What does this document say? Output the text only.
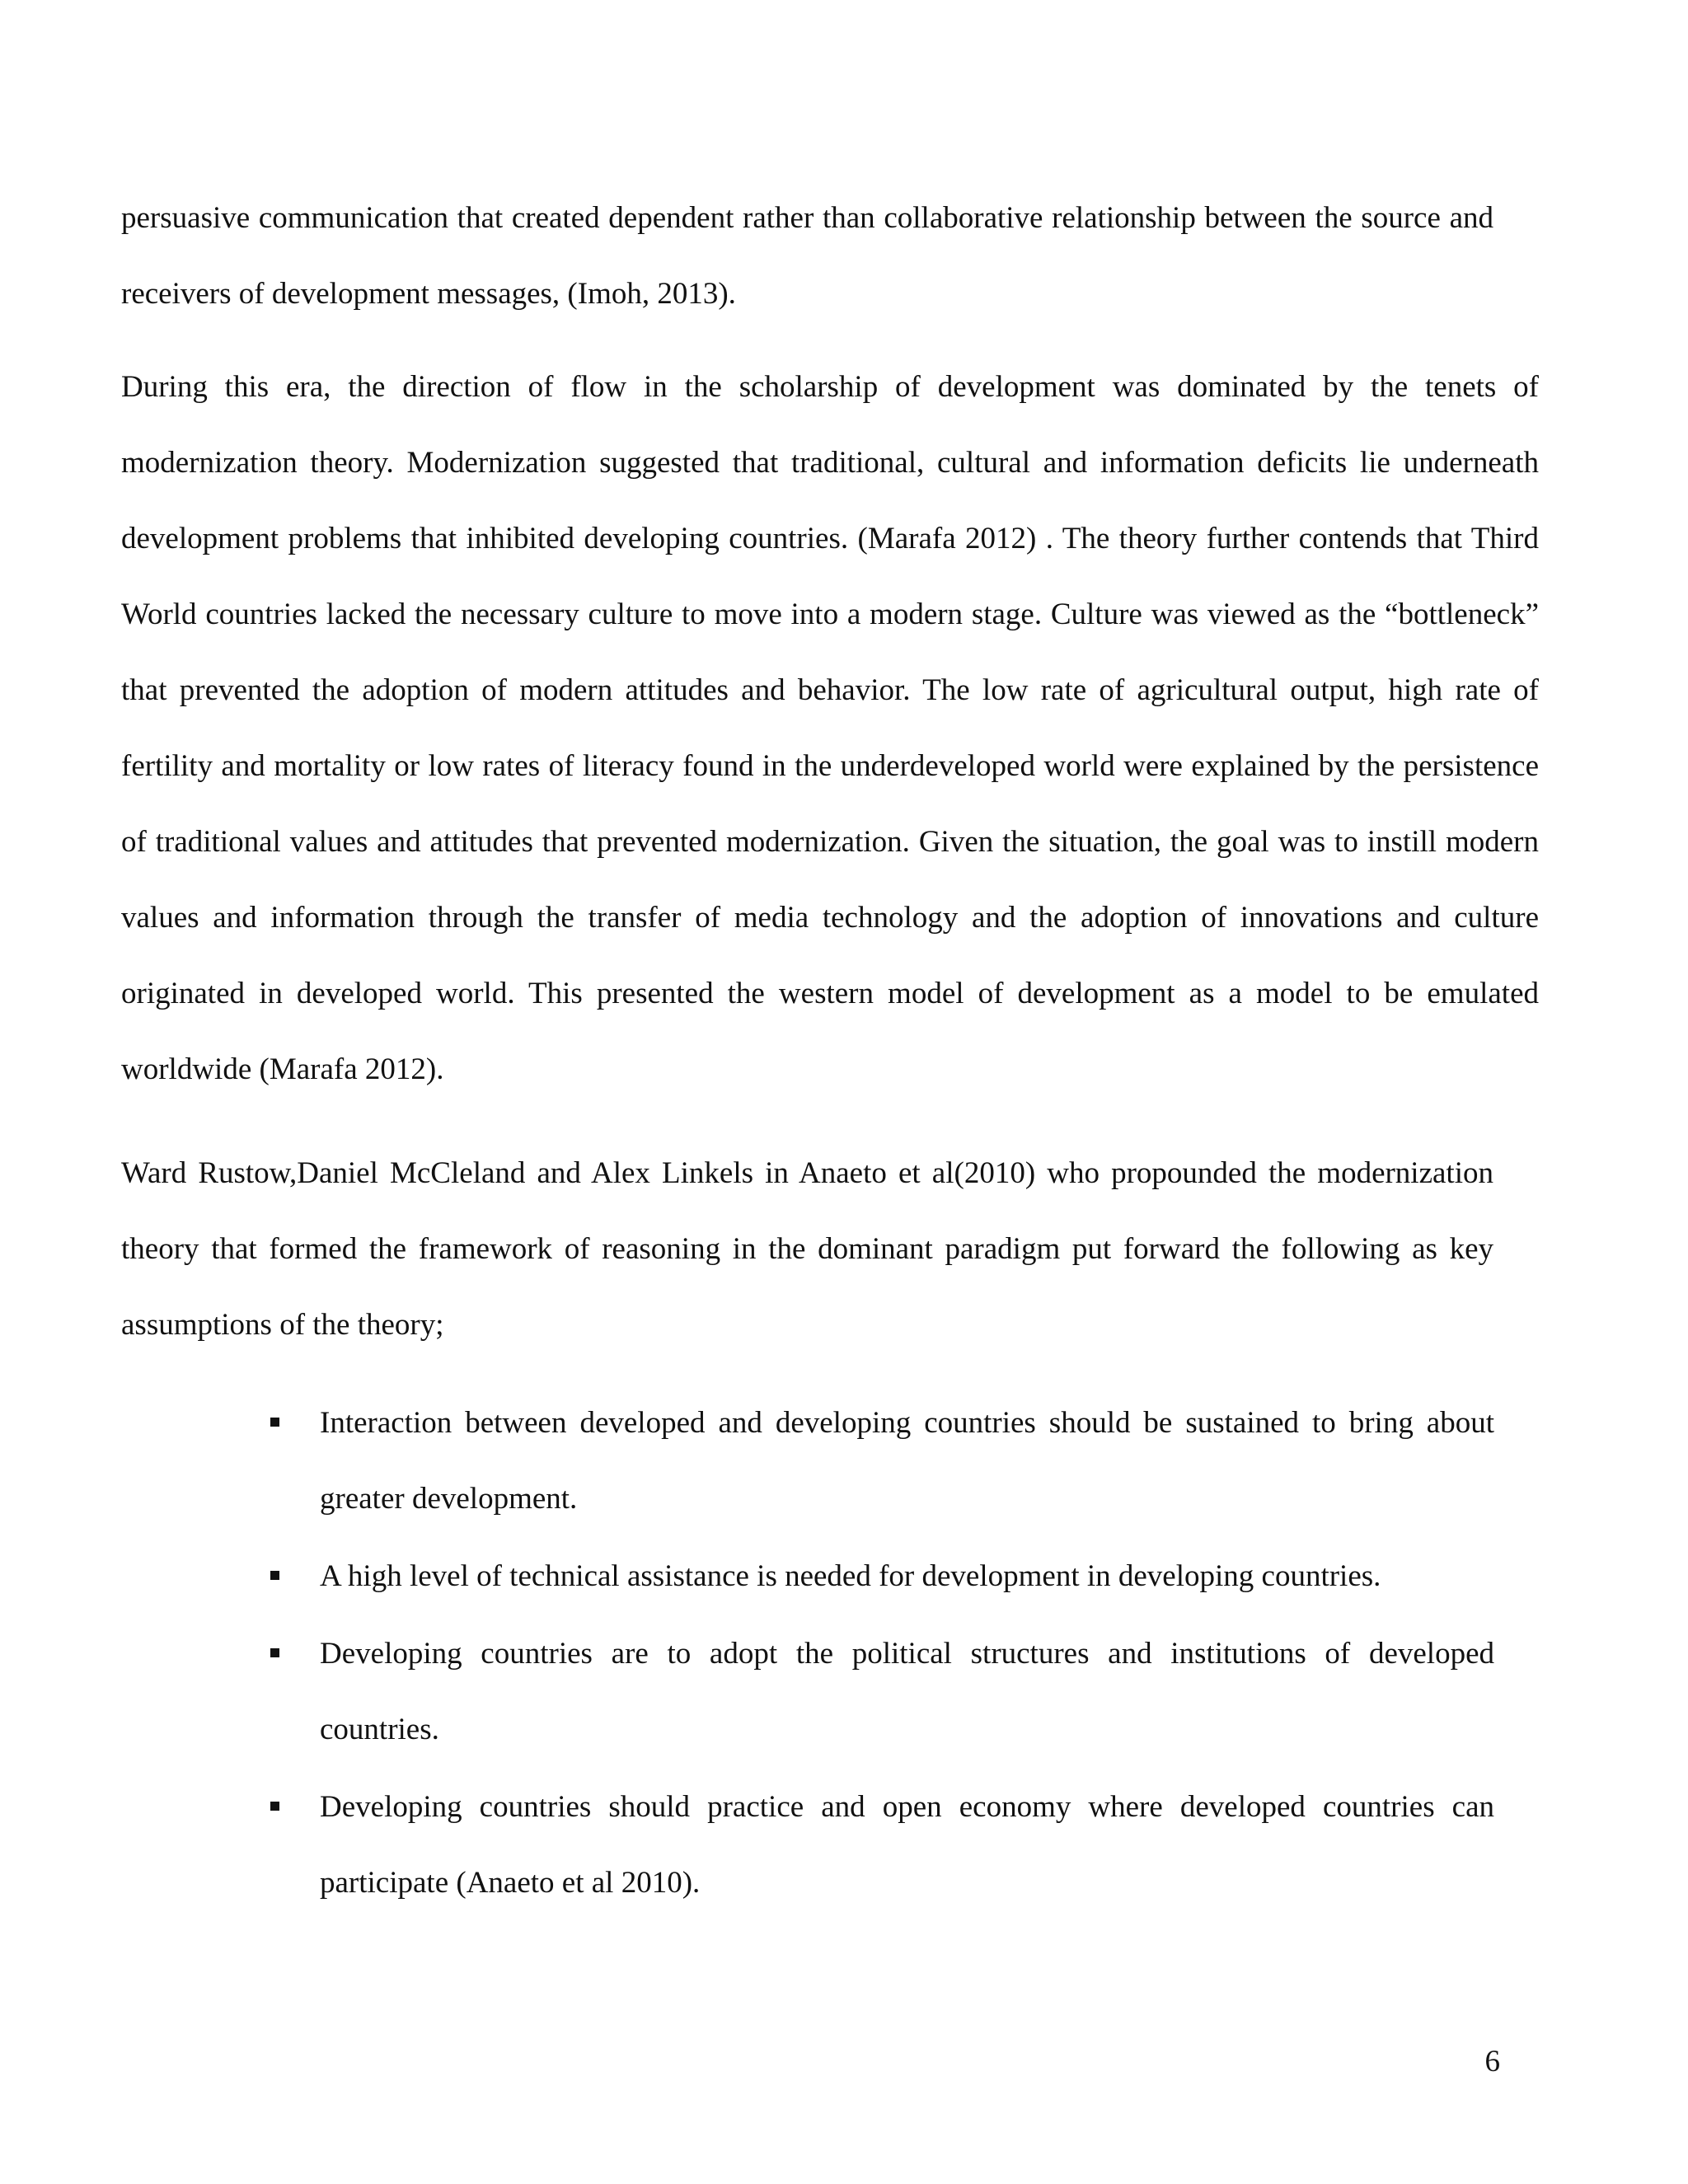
persuasive communication that created dependent rather than collaborative relationship between the source and receivers of development messages, (Imoh, 2013).

During this era, the direction of flow in the scholarship of development was dominated by the tenets of modernization theory. Modernization suggested that traditional, cultural and information deficits lie underneath development problems that inhibited developing countries. (Marafa 2012) . The theory further contends that Third World countries lacked the necessary culture to move into a modern stage. Culture was viewed as the “bottleneck” that prevented the adoption of modern attitudes and behavior. The low rate of agricultural output, high rate of fertility and mortality or low rates of literacy found in the underdeveloped world were explained by the persistence of traditional values and attitudes that prevented modernization. Given the situation, the goal was to instill modern values and information through the transfer of media technology and the adoption of innovations and culture originated in developed world. This presented the western model of development as a model to be emulated worldwide (Marafa 2012).

Ward Rustow,Daniel McCleland and Alex Linkels in Anaeto et al(2010) who propounded the modernization theory that formed the framework of reasoning in the dominant paradigm put forward the following as key assumptions of the theory;

Interaction between developed and developing countries should be sustained to bring about greater development.
A high level of technical assistance is needed for development in developing countries.
Developing countries are to adopt the political structures and institutions of developed countries.
Developing countries should practice and open economy where developed countries can participate (Anaeto et al 2010).
6
